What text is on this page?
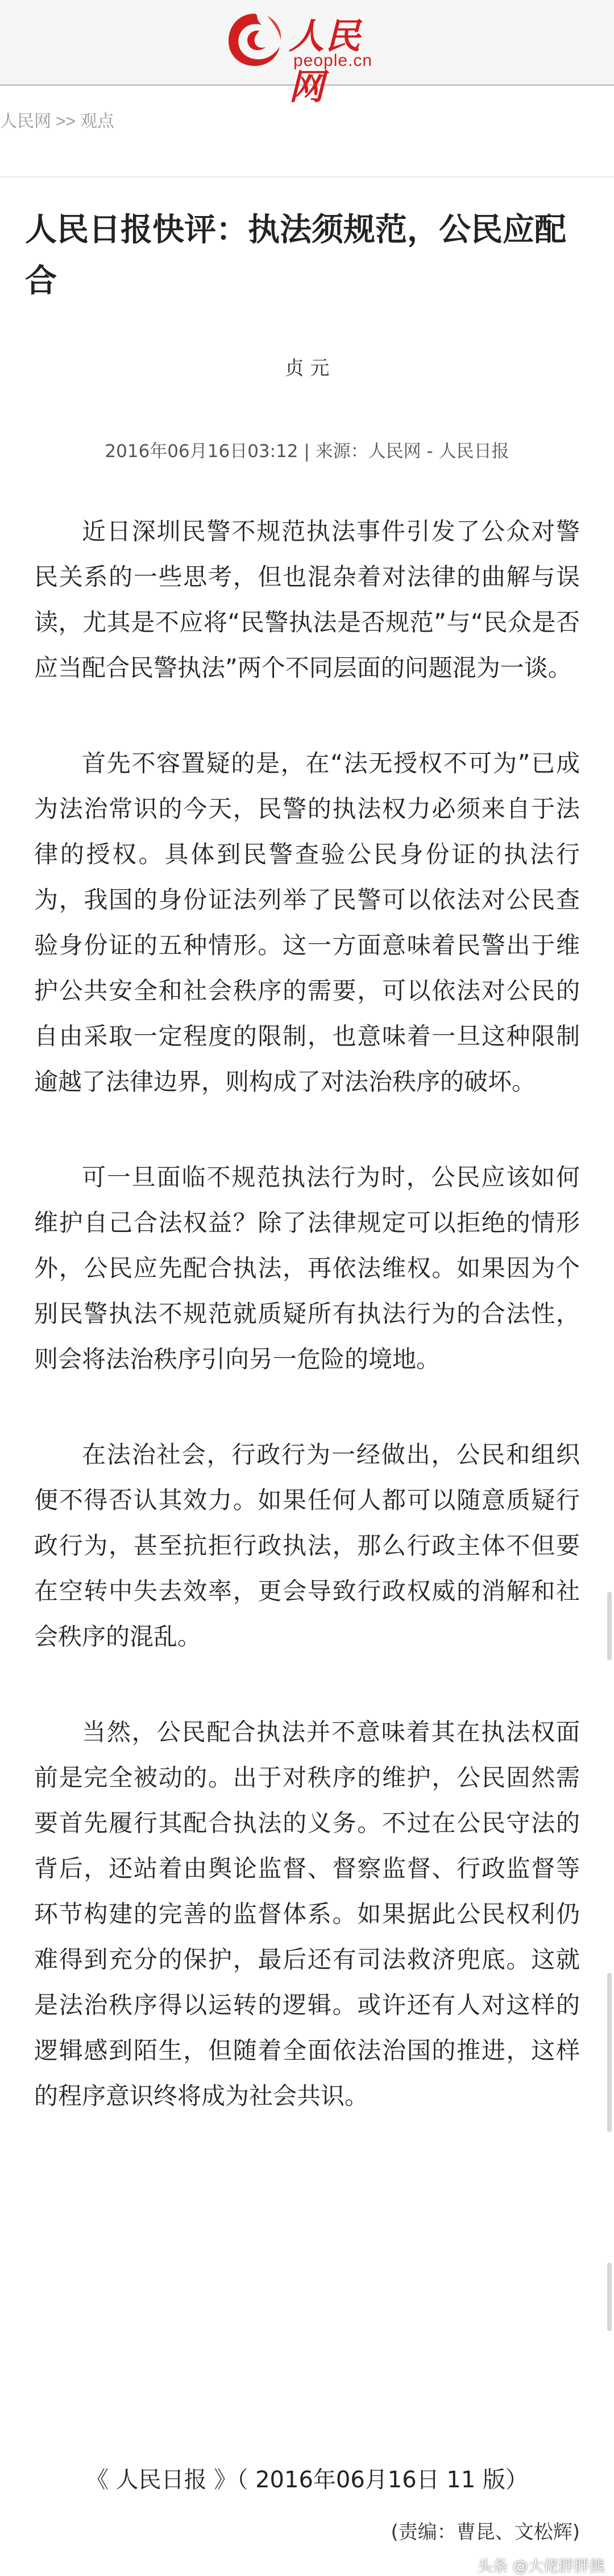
人民网
people.cn
人民网 >> 观点
人民日报快评：执法须规范，公民应配合
贞 元
2016年06月16日03:12 | 来源：人民网 - 人民日报

近日深圳民警不规范执法事件引发了公众对警民关系的一些思考，但也混杂着对法律的曲解与误读，尤其是不应将“民警执法是否规范”与“民众是否应当配合民警执法”两个不同层面的问题混为一谈。

首先不容置疑的是，在“法无授权不可为”已成为法治常识的今天，民警的执法权力必须来自于法律的授权。具体到民警查验公民身份证的执法行为，我国的身份证法列举了民警可以依法对公民查验身份证的五种情形。这一方面意味着民警出于维护公共安全和社会秩序的需要，可以依法对公民的自由采取一定程度的限制，也意味着一旦这种限制逾越了法律边界，则构成了对法治秩序的破坏。

可一旦面临不规范执法行为时，公民应该如何维护自己合法权益？除了法律规定可以拒绝的情形外，公民应先配合执法，再依法维权。如果因为个别民警执法不规范就质疑所有执法行为的合法性，则会将法治秩序引向另一危险的境地。

在法治社会，行政行为一经做出，公民和组织便不得否认其效力。如果任何人都可以随意质疑行政行为，甚至抗拒行政执法，那么行政主体不但要在空转中失去效率，更会导致行政权威的消解和社会秩序的混乱。

当然，公民配合执法并不意味着其在执法权面前是完全被动的。出于对秩序的维护，公民固然需要首先履行其配合执法的义务。不过在公民守法的背后，还站着由舆论监督、督察监督、行政监督等环节构建的完善的监督体系。如果据此公民权利仍难得到充分的保护，最后还有司法救济兜底。这就是法治秩序得以运转的逻辑。或许还有人对这样的逻辑感到陌生，但随着全面依法治国的推进，这样的程序意识终将成为社会共识。

《 人民日报 》（ 2016年06月16日 11 版）
(责编：曹昆、文松辉)
头条 @大佬胖胖熊
